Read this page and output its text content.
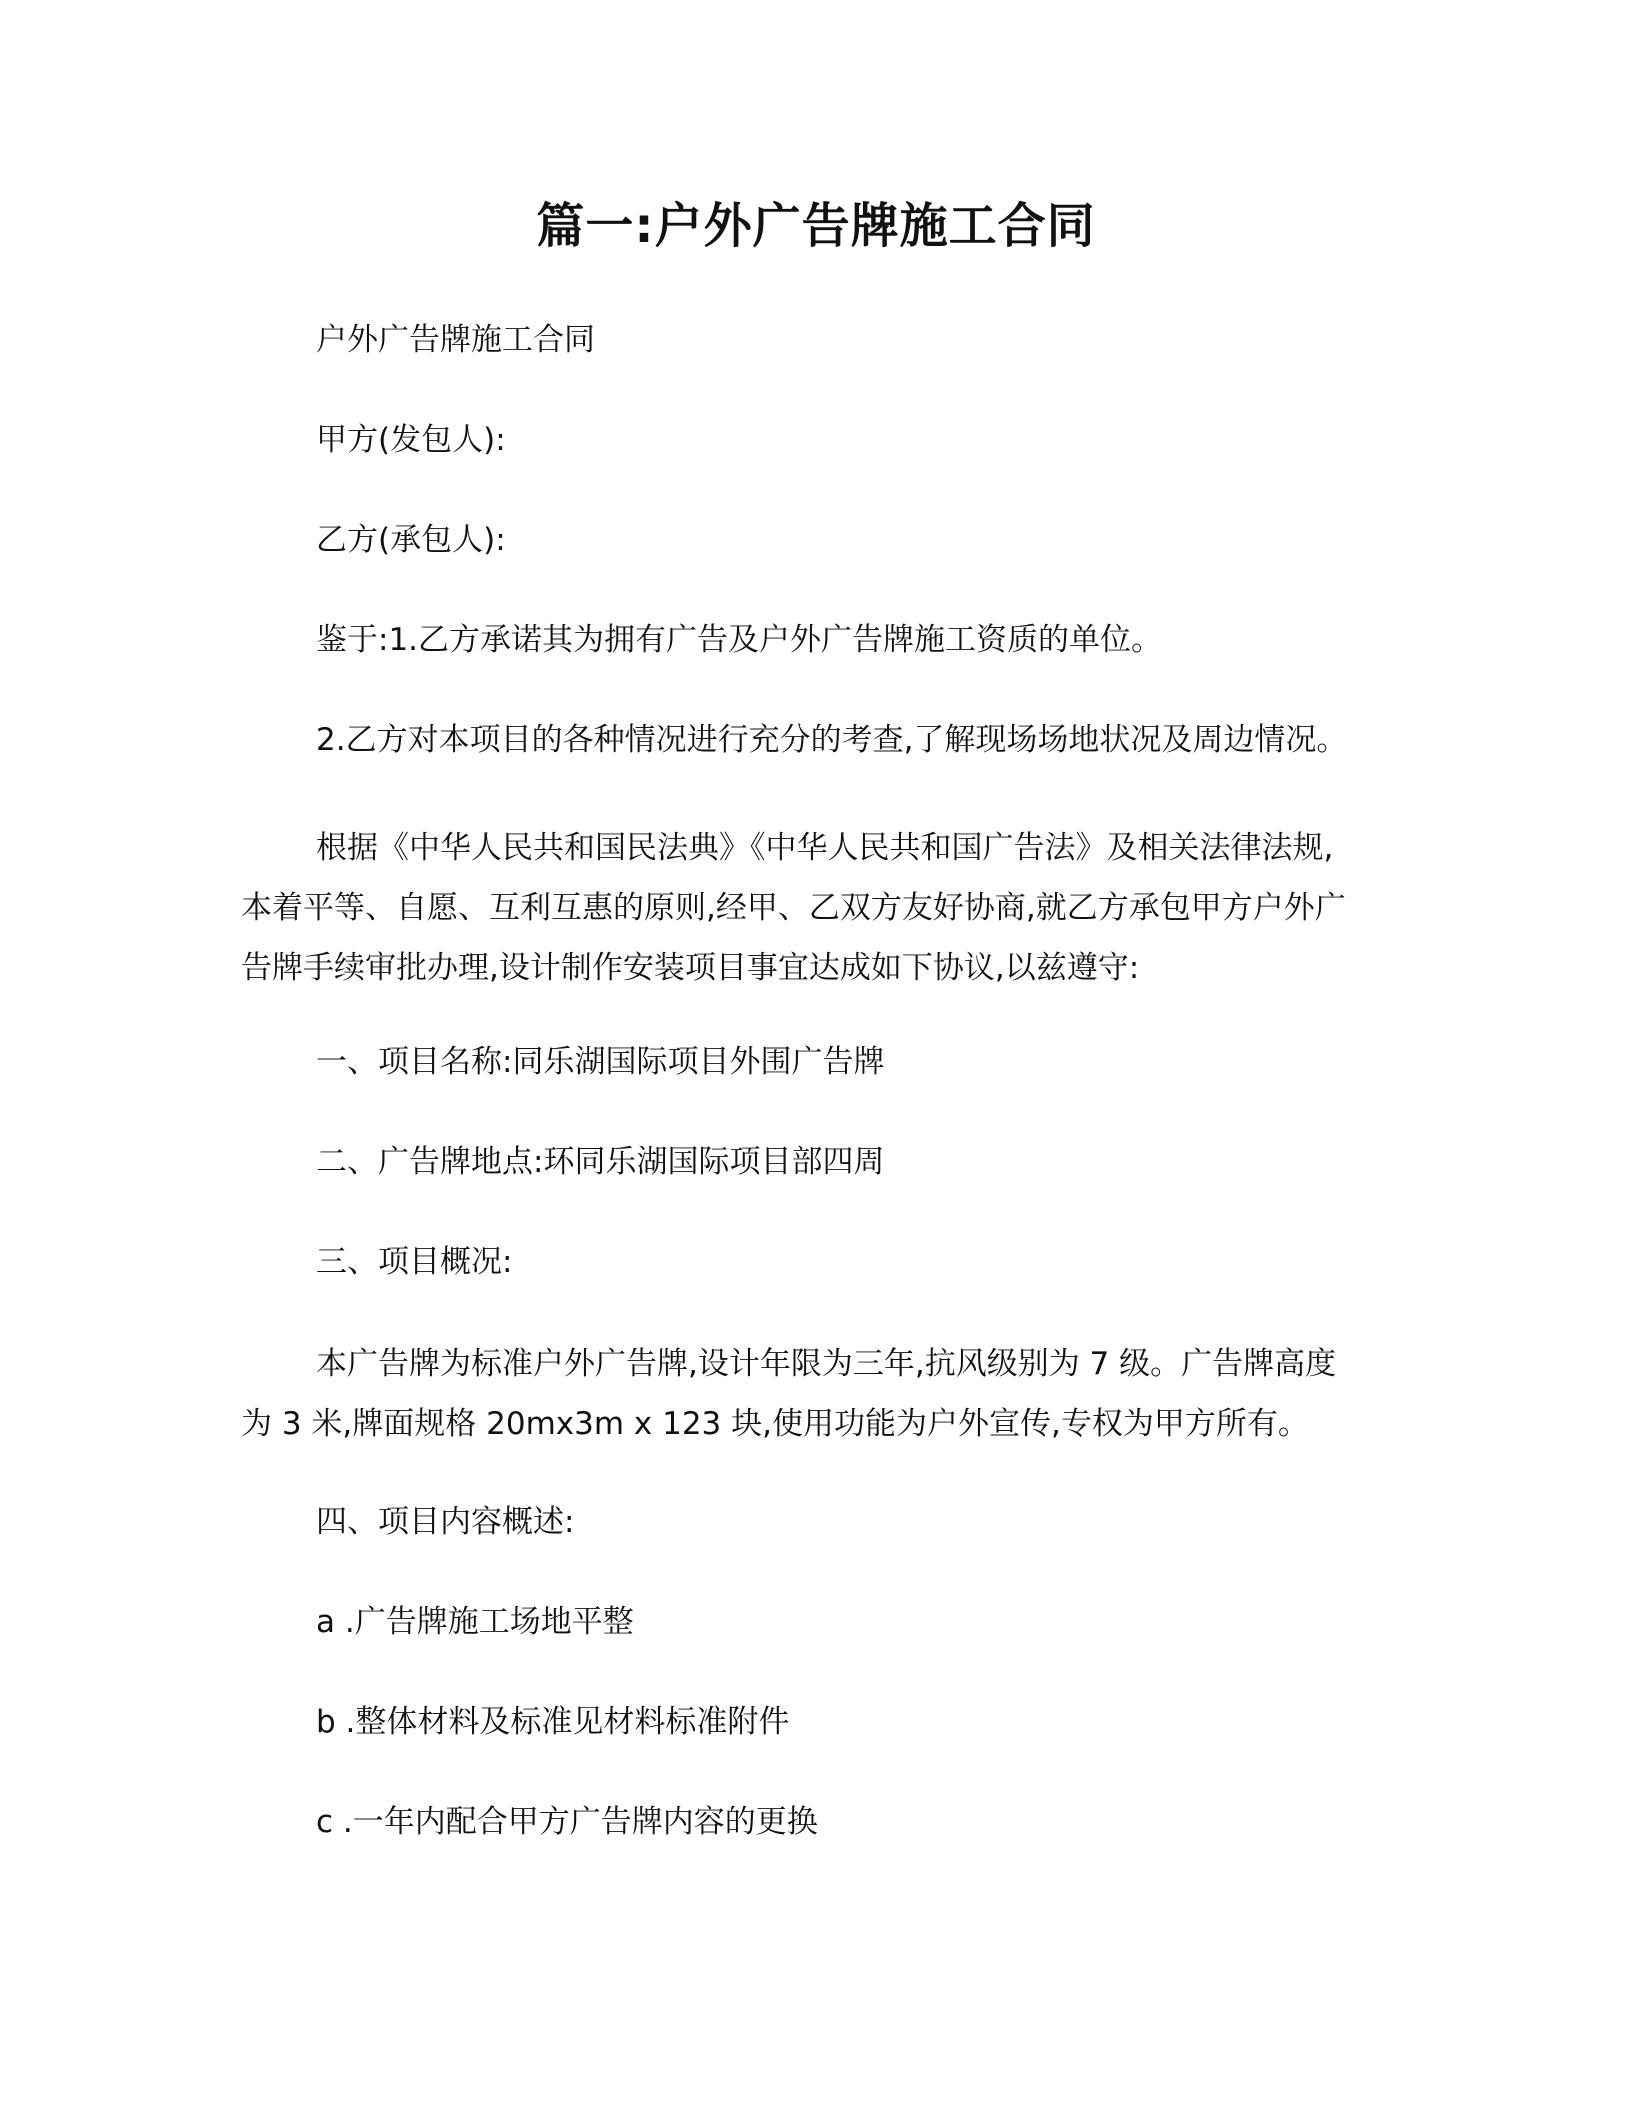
篇一:户外广告牌施工合同

户外广告牌施工合同

甲方(发包人):

乙方(承包人):

鉴于:1.乙方承诺其为拥有广告及户外广告牌施工资质的单位。

2.乙方对本项目的各种情况进行充分的考查,了解现场场地状况及周边情况。

根据《中华人民共和国民法典》《中华人民共和国广告法》及相关法律法规,
本着平等、自愿、互利互惠的原则,经甲、乙双方友好协商,就乙方承包甲方户外广
告牌手续审批办理,设计制作安装项目事宜达成如下协议,以兹遵守:

一、项目名称:同乐湖国际项目外围广告牌

二、广告牌地点:环同乐湖国际项目部四周

三、项目概况:

本广告牌为标准户外广告牌,设计年限为三年,抗风级别为 7 级。广告牌高度
为 3 米,牌面规格 20mx3m x 123 块,使用功能为户外宣传,专权为甲方所有。

四、项目内容概述:

a .广告牌施工场地平整

b .整体材料及标准见材料标准附件

c .一年内配合甲方广告牌内容的更换
